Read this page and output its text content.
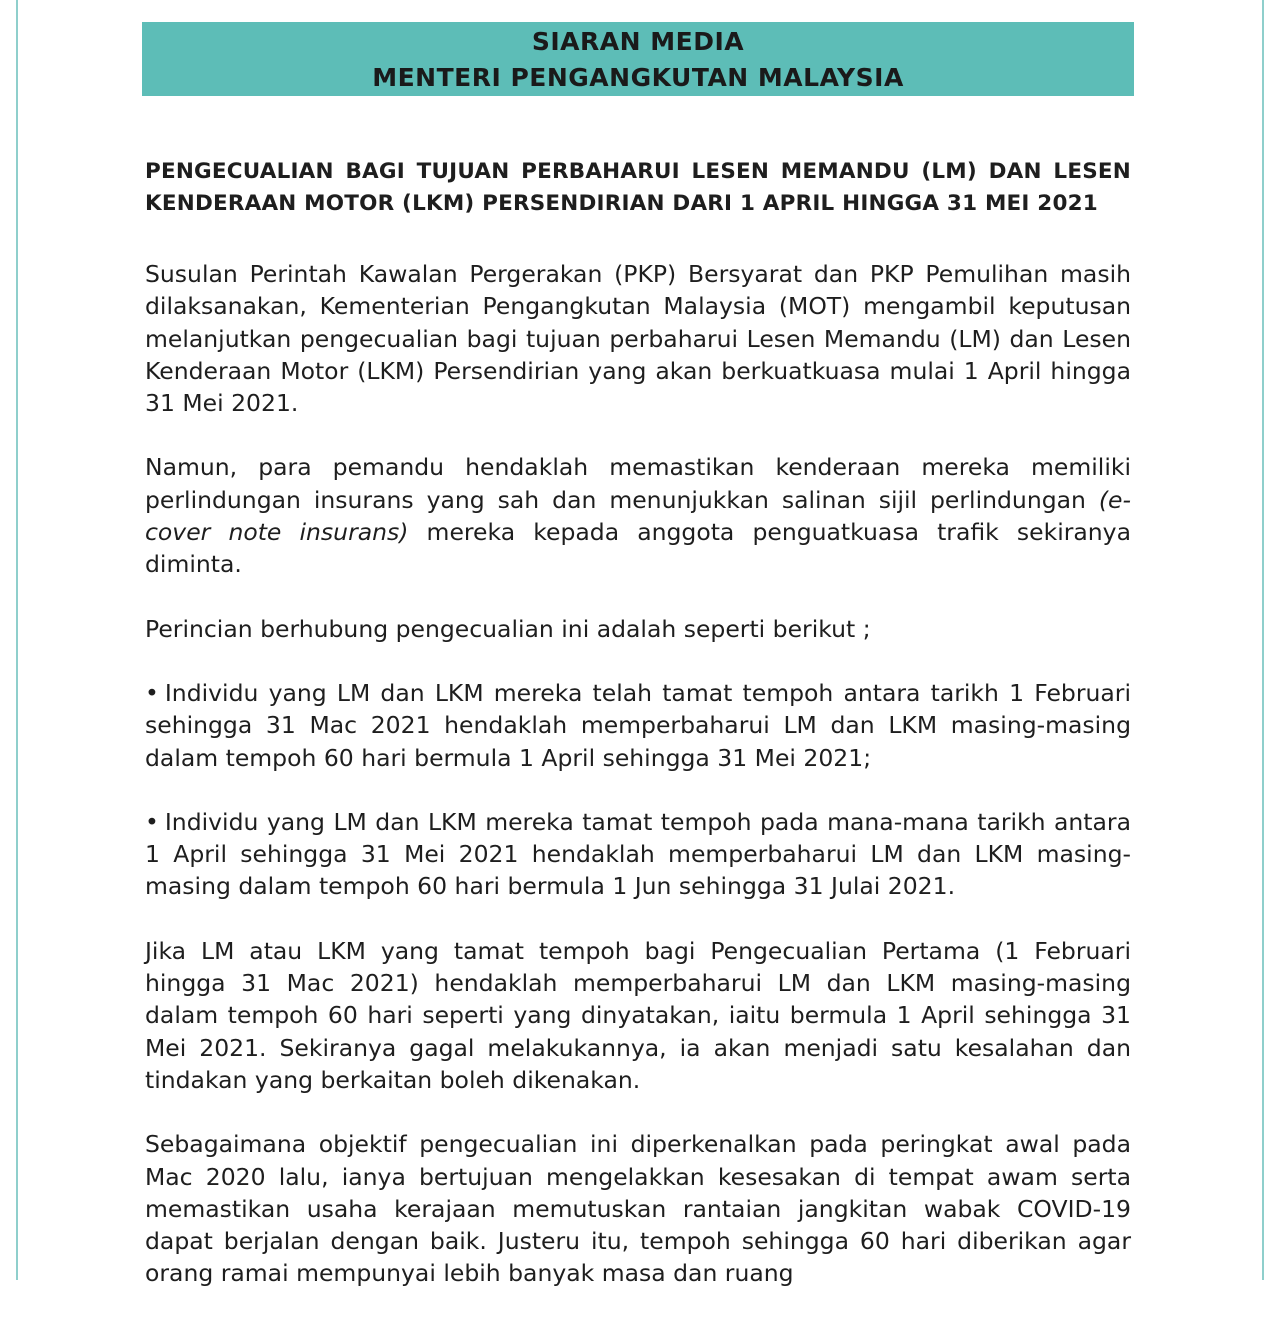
SIARAN MEDIA
MENTERI PENGANGKUTAN MALAYSIA

PENGECUALIAN BAGI TUJUAN PERBAHARUI LESEN MEMANDU (LM) DAN LESEN KENDERAAN MOTOR (LKM) PERSENDIRIAN DARI 1 APRIL HINGGA 31 MEI 2021

Susulan Perintah Kawalan Pergerakan (PKP) Bersyarat dan PKP Pemulihan masih dilaksanakan, Kementerian Pengangkutan Malaysia (MOT) mengambil keputusan melanjutkan pengecualian bagi tujuan perbaharui Lesen Memandu (LM) dan Lesen Kenderaan Motor (LKM) Persendirian yang akan berkuatkuasa mulai 1 April hingga 31 Mei 2021.

Namun, para pemandu hendaklah memastikan kenderaan mereka memiliki perlindungan insurans yang sah dan menunjukkan salinan sijil perlindungan (e-cover note insurans) mereka kepada anggota penguatkuasa trafik sekiranya diminta.

Perincian berhubung pengecualian ini adalah seperti berikut ;

• Individu yang LM dan LKM mereka telah tamat tempoh antara tarikh 1 Februari sehingga 31 Mac 2021 hendaklah memperbaharui LM dan LKM masing-masing dalam tempoh 60 hari bermula 1 April sehingga 31 Mei 2021;

• Individu yang LM dan LKM mereka tamat tempoh pada mana-mana tarikh antara 1 April sehingga 31 Mei 2021 hendaklah memperbaharui LM dan LKM masing-masing dalam tempoh 60 hari bermula 1 Jun sehingga 31 Julai 2021.

Jika LM atau LKM yang tamat tempoh bagi Pengecualian Pertama (1 Februari hingga 31 Mac 2021) hendaklah memperbaharui LM dan LKM masing-masing dalam tempoh 60 hari seperti yang dinyatakan, iaitu bermula 1 April sehingga 31 Mei 2021. Sekiranya gagal melakukannya, ia akan menjadi satu kesalahan dan tindakan yang berkaitan boleh dikenakan.

Sebagaimana objektif pengecualian ini diperkenalkan pada peringkat awal pada Mac 2020 lalu, ianya bertujuan mengelakkan kesesakan di tempat awam serta memastikan usaha kerajaan memutuskan rantaian jangkitan wabak COVID-19 dapat berjalan dengan baik. Justeru itu, tempoh sehingga 60 hari diberikan agar orang ramai mempunyai lebih banyak masa dan ruang
